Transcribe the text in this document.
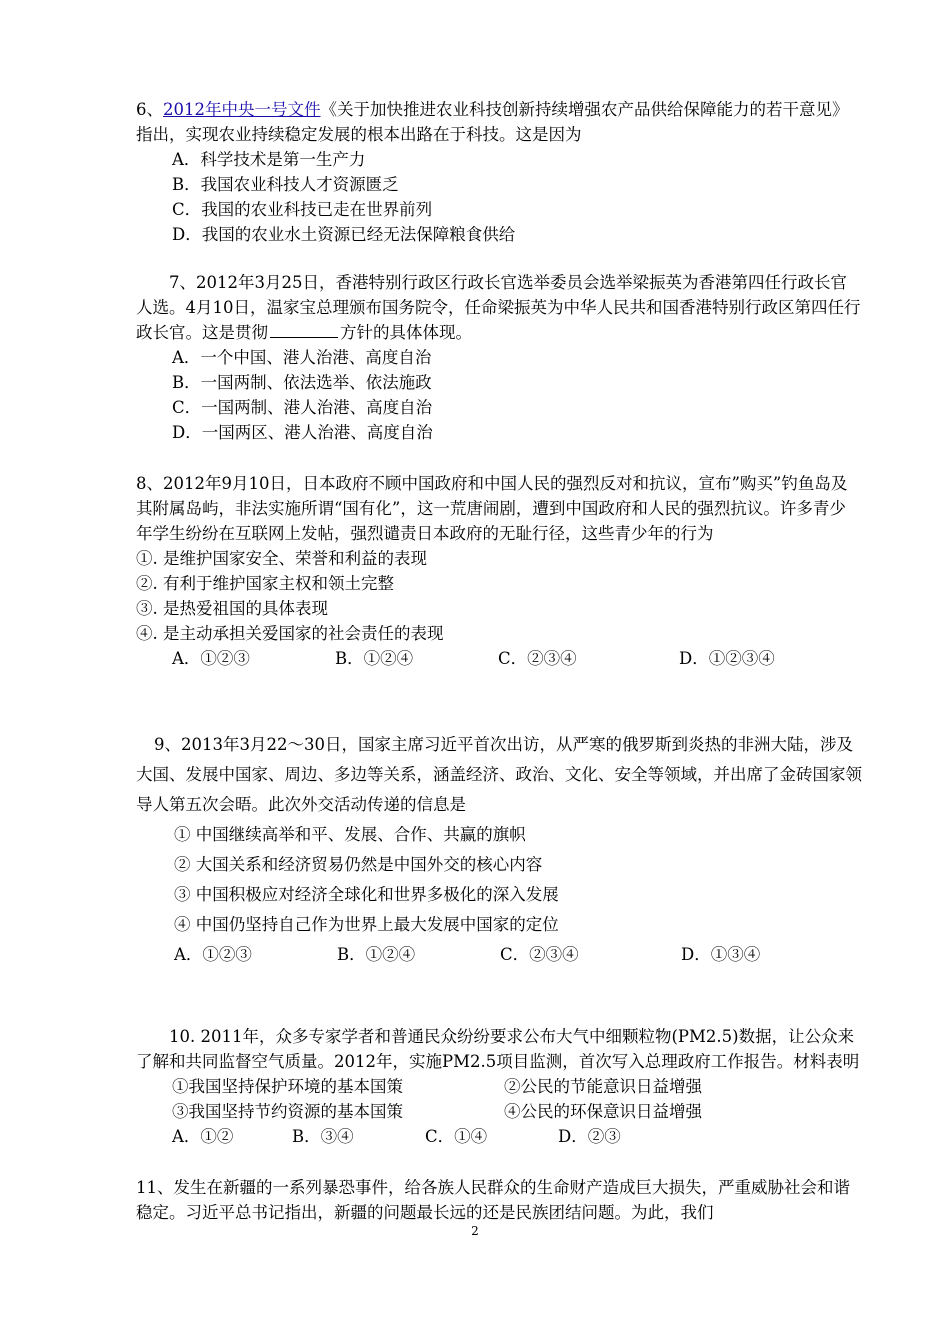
6、2012年中央一号文件《关于加快推进农业科技创新持续增强农产品供给保障能力的若干意见》指出，实现农业持续稳定发展的根本出路在于科技。这是因为

A．科学技术是第一生产力

B．我国农业科技人才资源匮乏

C．我国的农业科技已走在世界前列

D．我国的农业水土资源已经无法保障粮食供给

7、2012年3月25日，香港特别行政区行政长官选举委员会选举梁振英为香港第四任行政长官人选。4月10日，温家宝总理颁布国务院令，任命梁振英为中华人民共和国香港特别行政区第四任行政长官。这是贯彻	方针的具体体现。

A．一个中国、港人治港、高度自治

B．一国两制、依法选举、依法施政

C．一国两制、港人治港、高度自治

D．一国两区、港人治港、高度自治

8、2012年9月10日，日本政府不顾中国政府和中国人民的强烈反对和抗议，宣布”购买”钓鱼岛及其附属岛屿，非法实施所谓“国有化”，这一荒唐闹剧，遭到中国政府和人民的强烈抗议。许多青少年学生纷纷在互联网上发帖，强烈谴责日本政府的无耻行径，这些青少年的行为

①. 是维护国家安全、荣誉和利益的表现

②. 有利于维护国家主权和领土完整

③. 是热爱祖国的具体表现

④. 是主动承担关爱国家的社会责任的表现

A．①②③	B．①②④	C．②③④	D．①②③④

9、2013年3月22～30日，国家主席习近平首次出访，从严寒的俄罗斯到炎热的非洲大陆，涉及大国、发展中国家、周边、多边等关系，涵盖经济、政治、文化、安全等领域，并出席了金砖国家领导人第五次会晤。此次外交活动传递的信息是

① 中国继续高举和平、发展、合作、共赢的旗帜

② 大国关系和经济贸易仍然是中国外交的核心内容

③ 中国积极应对经济全球化和世界多极化的深入发展

④ 中国仍坚持自己作为世界上最大发展中国家的定位

A．①②③	B．①②④	C．②③④	D．①③④

10. 2011年，众多专家学者和普通民众纷纷要求公布大气中细颗粒物(PM2.5)数据，让公众来了解和共同监督空气质量。2012年，实施PM2.5项目监测，首次写入总理政府工作报告。材料表明

①我国坚持保护环境的基本国策	②公民的节能意识日益增强
③我国坚持节约资源的基本国策	④公民的环保意识日益增强
A．①②	B．③④	C．①④	D．②③

11、发生在新疆的一系列暴恐事件，给各族人民群众的生命财产造成巨大损失，严重威胁社会和谐稳定。习近平总书记指出，新疆的问题最长远的还是民族团结问题。为此，我们

2
